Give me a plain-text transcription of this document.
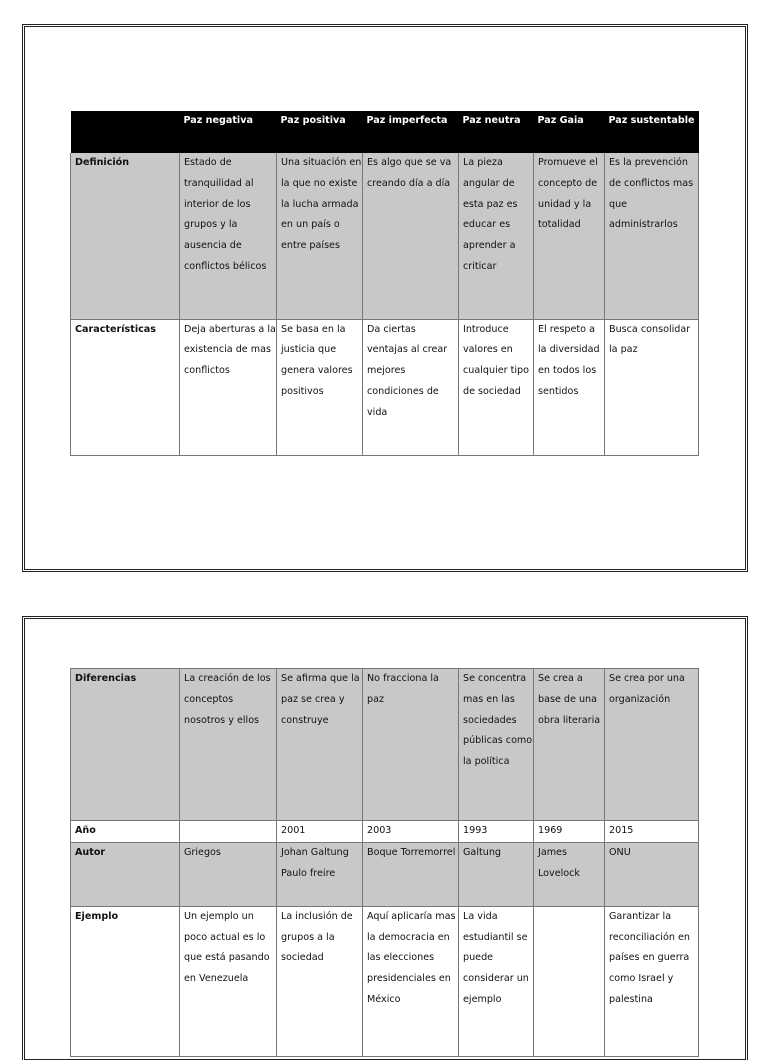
	Paz negativa	Paz positiva	Paz imperfecta	Paz neutra	Paz Gaia	Paz sustentable
Definición	Estado de tranquilidad al interior de los grupos y la ausencia de conflictos bélicos	Una situación en la que no existe la lucha armada en un país o entre países	Es algo que se va creando día a día	La pieza angular de esta paz es educar es aprender a criticar	Promueve el concepto de unidad y la totalidad	Es la prevención de conflictos mas que administrarlos
Características	Deja aberturas a la existencia de mas conflictos	Se basa en la justicia que genera valores positivos	Da ciertas ventajas al crear mejores condiciones de vida	Introduce valores en cualquier tipo de sociedad	El respeto a la diversidad en todos los sentidos	Busca consolidar la paz
Diferencias	La creación de los conceptos nosotros y ellos	Se afirma que la paz se crea y construye	No fracciona la paz	Se concentra mas en las sociedades públicas como la política	Se crea a base de una obra literaria	Se crea por una organización
Año		2001	2003	1993	1969	2015
Autor	Griegos	Johan Galtung Paulo freire	Boque Torremorrel	Galtung	James Lovelock	ONU
Ejemplo	Un ejemplo un poco actual es lo que está pasando en Venezuela	La inclusión de grupos a la sociedad	Aquí aplicaría mas la democracia en las elecciones presidenciales en México	La vida estudiantil se puede considerar un ejemplo		Garantizar la reconciliación en países en guerra como Israel y palestina
